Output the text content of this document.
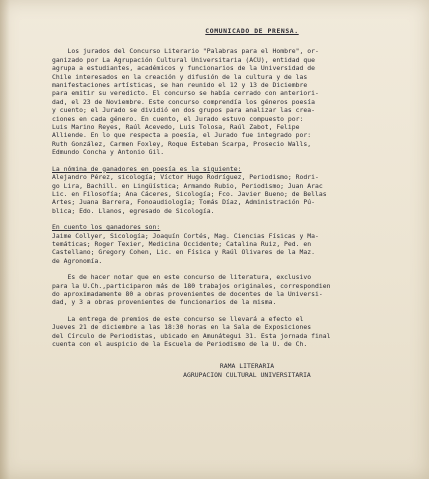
COMUNICADO DE PRENSA.
Los jurados del Concurso Literario "Palabras para el Hombre", or-
ganizado por La Agrupación Cultural Universitaria (ACU), entidad que
agrupa a estudiantes, académicos y funcionarios de la Universidad de
Chile interesados en la creación y difusión de la cultura y de las
manifestaciones artísticas, se han reunido el 12 y 13 de Diciembre
para emitir su veredicto. El concurso se había cerrado con anteriori-
dad, el 23 de Noviembre. Este concurso comprendía los géneros poesía
y cuento; el Jurado se dividió en dos grupos para analizar las crea-
ciones en cada género. En cuento, el Jurado estuvo compuesto por:
Luis Marino Reyes, Raúl Acevedo, Luis Tolosa, Raúl Zabot, Felipe
Alliende. En lo que respecta a poesía, el Jurado fue integrado por:
Ruth González, Carmen Foxley, Roque Esteban Scarpa, Prosecio Walls,
Edmundo Concha y Antonio Gil.
La nómina de ganadores en poesía es la siguiente:
Alejandro Pérez, sicología; Víctor Hugo Rodríguez, Periodismo; Rodri-
go Lira, Bachill. en Lingüística; Armando Rubio, Periodismo; Juan Arac
Lic. en Filosofía; Ana Cáceres, Sicología; Fco. Javier Bueno; de Bellas
Artes; Juana Barrera, Fonoaudiología; Tomás Díaz, Administración Pú-
blica; Edo. Llanos, egresado de Sicología.
En cuento los ganadores son:
Jaime Collyer, Sicología; Joaquín Cortés, Mag. Ciencias Físicas y Ma-
temáticas; Roger Texier, Medicina Occidente; Catalina Ruiz, Ped. en
Castellano; Gregory Cohen, Lic. en Física y Raúl Olivares de la Maz.
de Agronomía.
Es de hacer notar que en este concurso de literatura, exclusivo
para la U.Ch.,participaron más de 180 trabajos originales, correspondien
do aproximadamente 80 a obras provenientes de docentes de la Universi-
dad, y 3 a obras provenientes de funcionarios de la misma.
La entrega de premios de este concurso se llevará a efecto el
Jueves 21 de diciembre a las 18:30 horas en la Sala de Exposiciones
del Círculo de Periodistas, ubicado en Amunátegui 31. Esta jornada final
cuenta con el auspicio de la Escuela de Periodismo de la U. de Ch.
RAMA LITERARIA
AGRUPACION CULTURAL UNIVERSITARIA
